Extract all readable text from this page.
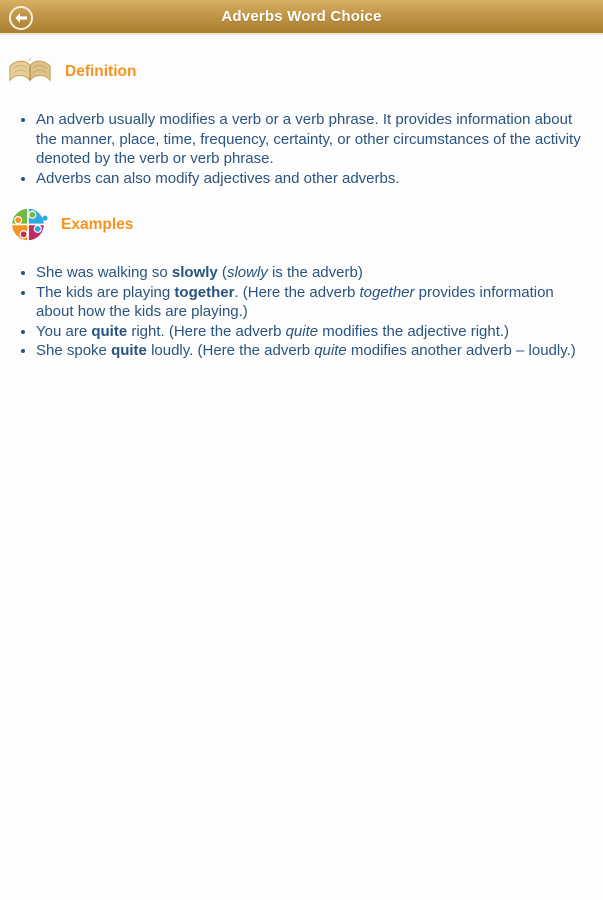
Adverbs Word Choice
Definition
• An adverb usually modifies a verb or a verb phrase. It provides information about the manner, place, time, frequency, certainty, or other circumstances of the activity denoted by the verb or verb phrase.
• Adverbs can also modify adjectives and other adverbs.
Examples
• She was walking so slowly (slowly is the adverb)
• The kids are playing together. (Here the adverb together provides information about how the kids are playing.)
• You are quite right. (Here the adverb quite modifies the adjective right.)
• She spoke quite loudly. (Here the adverb quite modifies another adverb – loudly.)
